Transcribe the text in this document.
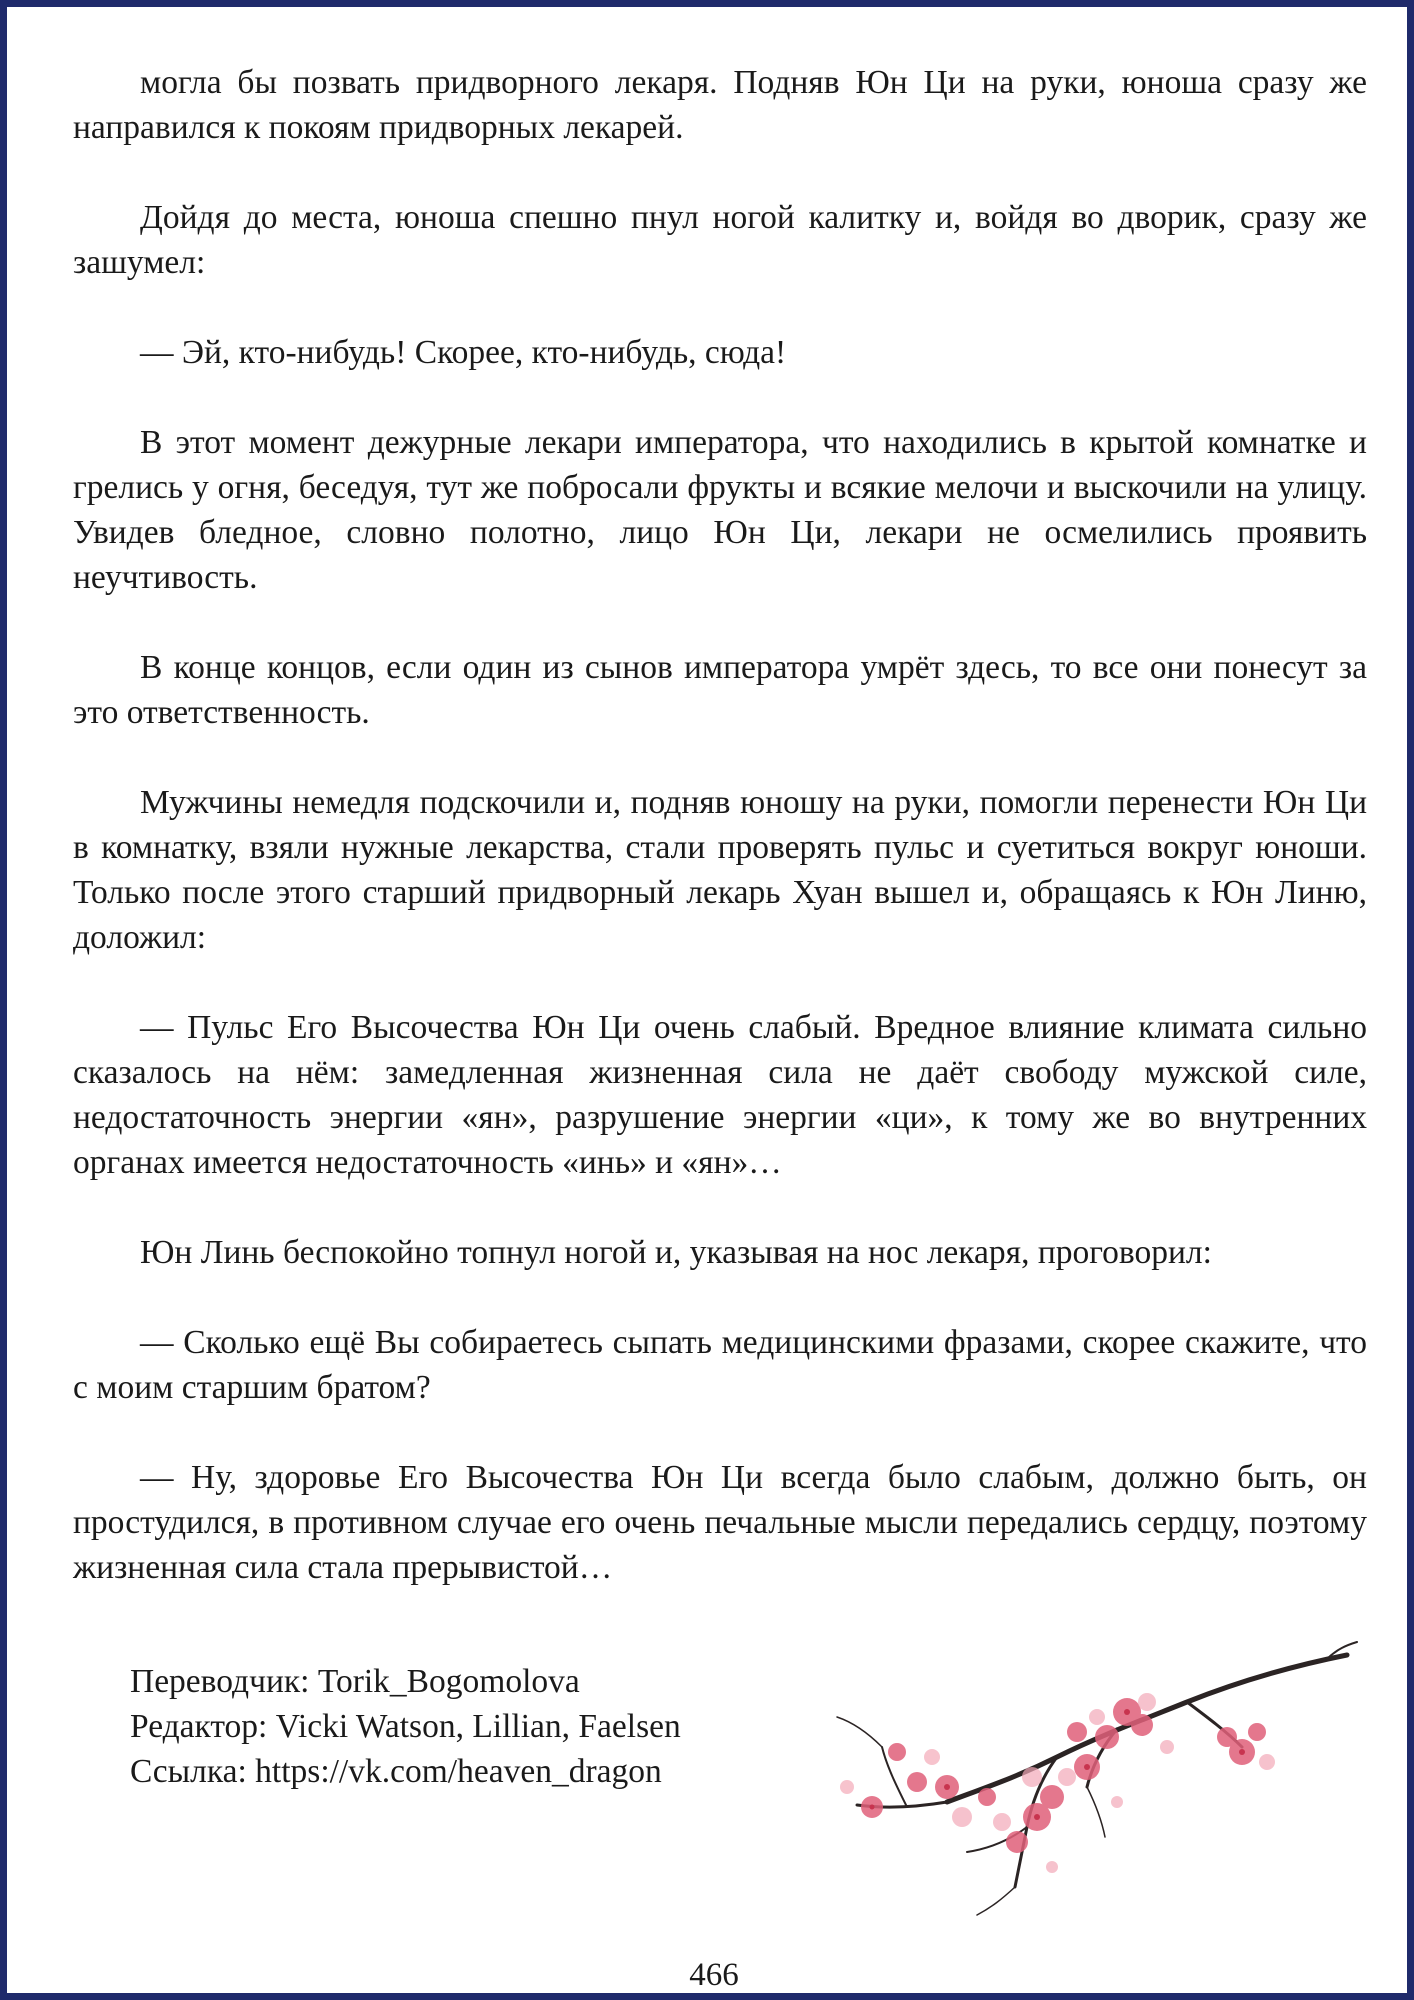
могла бы позвать придворного лекаря. Подняв Юн Ци на руки, юноша сразу же направился к покоям придворных лекарей.

Дойдя до места, юноша спешно пнул ногой калитку и, войдя во дворик, сразу же зашумел:

— Эй, кто-нибудь! Скорее, кто-нибудь, сюда!

В этот момент дежурные лекари императора, что находились в крытой комнатке и грелись у огня, беседуя, тут же побросали фрукты и всякие мелочи и выскочили на улицу. Увидев бледное, словно полотно, лицо Юн Ци, лекари не осмелились проявить неучтивость.

В конце концов, если один из сынов императора умрёт здесь, то все они понесут за это ответственность.

Мужчины немедля подскочили и, подняв юношу на руки, помогли перенести Юн Ци в комнатку, взяли нужные лекарства, стали проверять пульс и суетиться вокруг юноши. Только после этого старший придворный лекарь Хуан вышел и, обращаясь к Юн Линю, доложил:

— Пульс Его Высочества Юн Ци очень слабый. Вредное влияние климата сильно сказалось на нём: замедленная жизненная сила не даёт свободу мужской силе, недостаточность энергии «ян», разрушение энергии «ци», к тому же во внутренних органах имеется недостаточность «инь» и «ян»…

Юн Линь беспокойно топнул ногой и, указывая на нос лекаря, проговорил:

— Сколько ещё Вы собираетесь сыпать медицинскими фразами, скорее скажите, что с моим старшим братом?

— Ну, здоровье Его Высочества Юн Ци всегда было слабым, должно быть, он простудился, в противном случае его очень печальные мысли передались сердцу, поэтому жизненная сила стала прерывистой…

Переводчик: Torik_Bogomolova
Редактор: Vicki Watson, Lillian, Faelsen
Ссылка: https://vk.com/heaven_dragon
466
